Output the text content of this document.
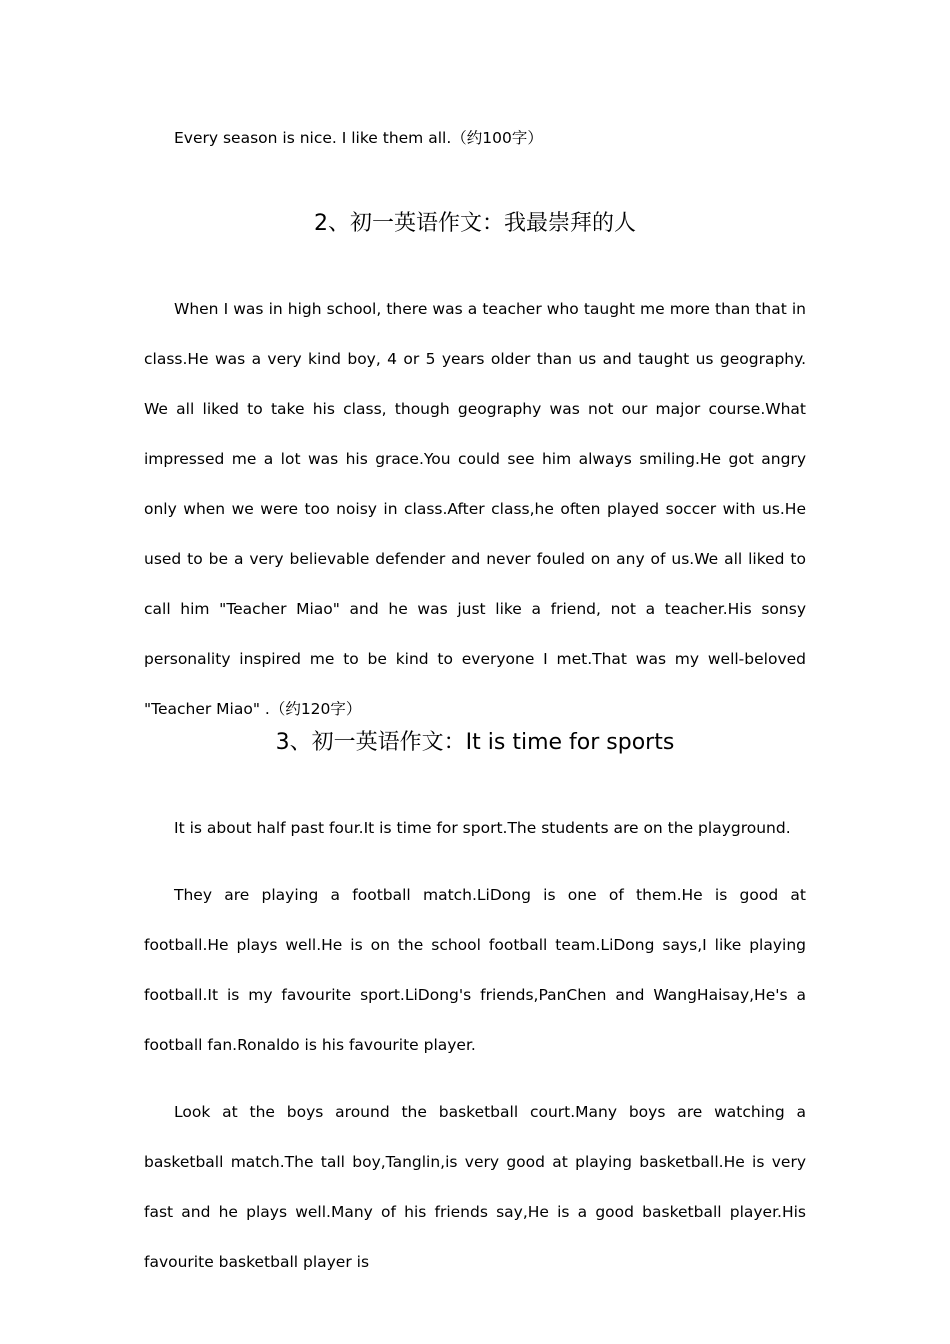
Every season is nice. I like them all.（约100字）

2、初一英语作文：我最崇拜的人

When I was in high school, there was a teacher who taught me more than that in class.He was a very kind boy, 4 or 5 years older than us and taught us geography. We all liked to take his class, though geography was not our major course.What impressed me a lot was his grace.You could see him always smiling.He got angry only when we were too noisy in class.After class,he often played soccer with us.He used to be a very believable defender and never fouled on any of us.We all liked to call him "Teacher Miao" and he was just like a friend, not a teacher.His sonsy personality inspired me to be kind to everyone I met.That was my well-beloved "Teacher Miao" .（约120字）

3、初一英语作文：It is time for sports

It is about half past four.It is time for sport.The students are on the playground.

They are playing a football match.LiDong is one of them.He is good at football.He plays well.He is on the school football team.LiDong says,I like playing football.It is my favourite sport.LiDong's friends,PanChen and WangHaisay,He's a football fan.Ronaldo is his favourite player.

Look at the boys around the basketball court.Many boys are watching a basketball match.The tall boy,Tanglin,is very good at playing basketball.He is very fast and he plays well.Many of his friends say,He is a good basketball player.His favourite basketball player is
